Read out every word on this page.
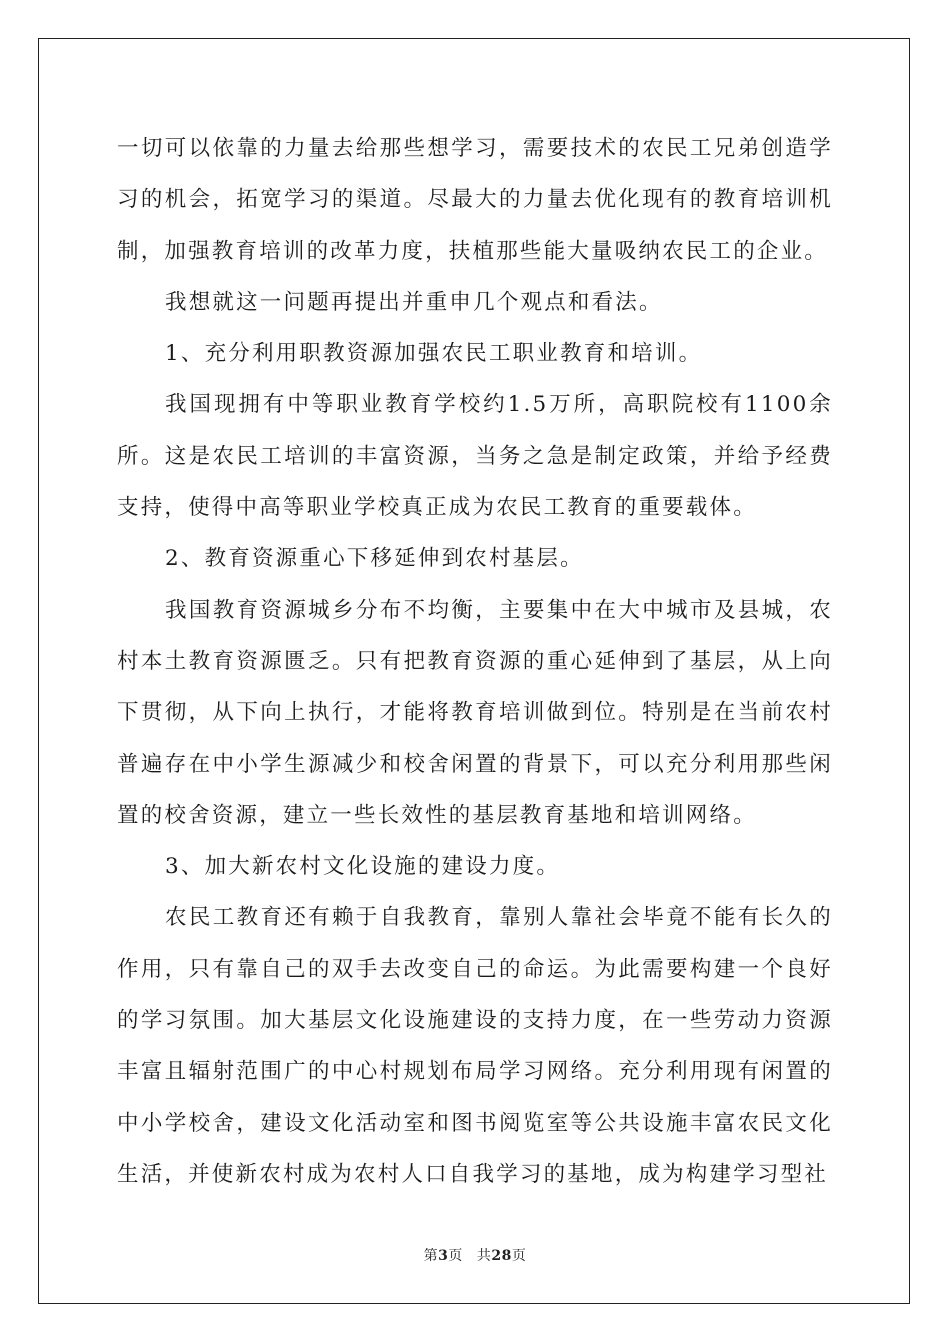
一切可以依靠的力量去给那些想学习，需要技术的农民工兄弟创造学习的机会，拓宽学习的渠道。尽最大的力量去优化现有的教育培训机制，加强教育培训的改革力度，扶植那些能大量吸纳农民工的企业。

我想就这一问题再提出并重申几个观点和看法。

1、充分利用职教资源加强农民工职业教育和培训。

我国现拥有中等职业教育学校约1.5万所，高职院校有1100余所。这是农民工培训的丰富资源，当务之急是制定政策，并给予经费支持，使得中高等职业学校真正成为农民工教育的重要载体。

2、教育资源重心下移延伸到农村基层。

我国教育资源城乡分布不均衡，主要集中在大中城市及县城，农村本土教育资源匮乏。只有把教育资源的重心延伸到了基层，从上向下贯彻，从下向上执行，才能将教育培训做到位。特别是在当前农村普遍存在中小学生源减少和校舍闲置的背景下，可以充分利用那些闲置的校舍资源，建立一些长效性的基层教育基地和培训网络。

3、加大新农村文化设施的建设力度。

农民工教育还有赖于自我教育，靠别人靠社会毕竟不能有长久的作用，只有靠自己的双手去改变自己的命运。为此需要构建一个良好的学习氛围。加大基层文化设施建设的支持力度，在一些劳动力资源丰富且辐射范围广的中心村规划布局学习网络。充分利用现有闲置的中小学校舍，建设文化活动室和图书阅览室等公共设施丰富农民文化生活，并使新农村成为农村人口自我学习的基地，成为构建学习型社

第3页 共28页
